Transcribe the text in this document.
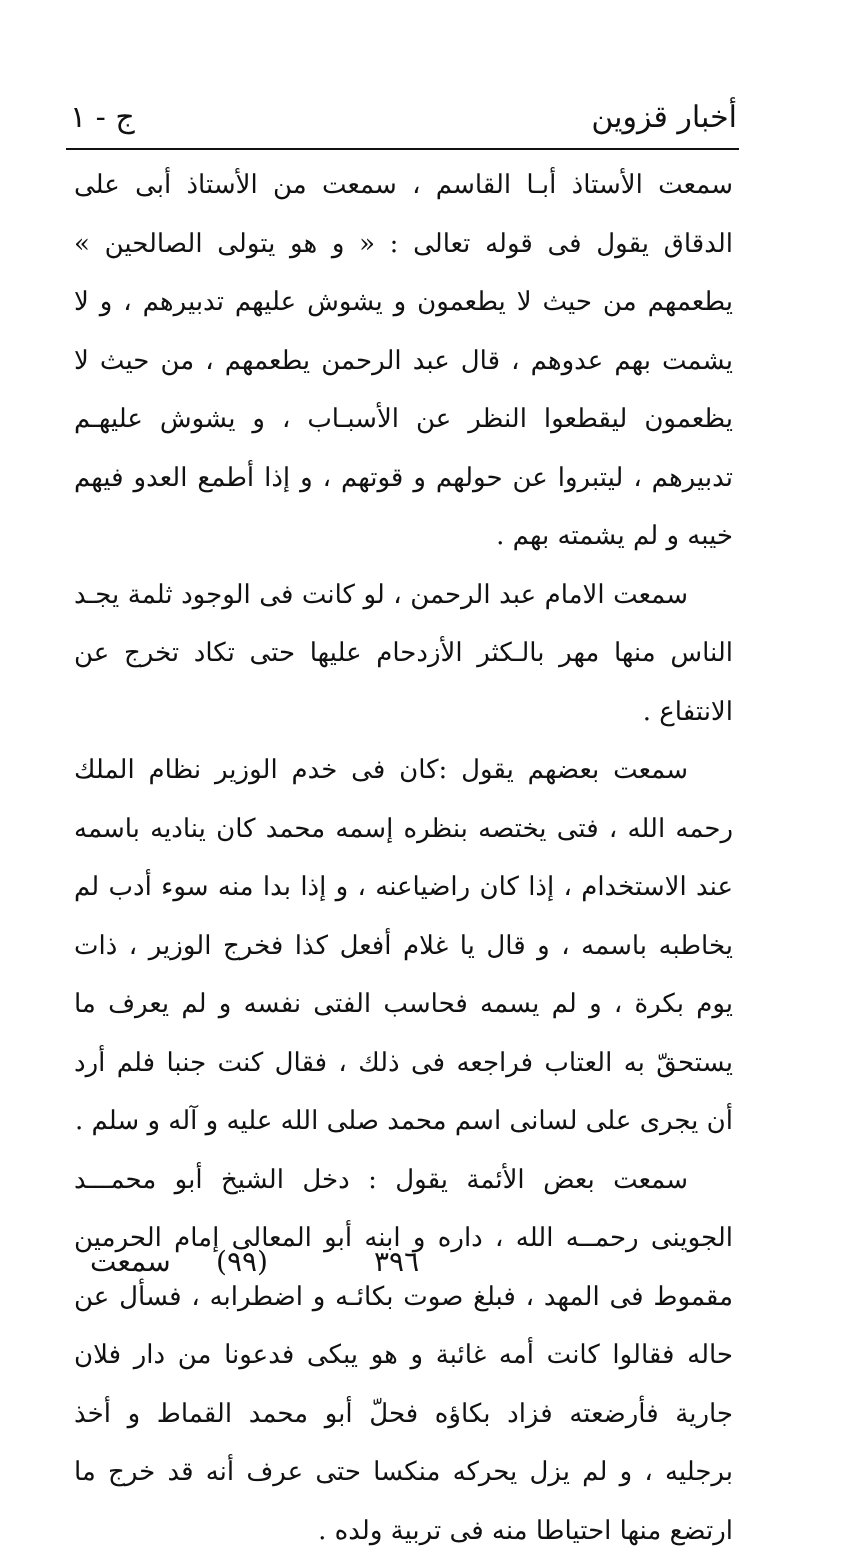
أخبار قزوين
ج - ١

سمعت الأستاذ أبـا القاسم ، سمعت من الأستاذ أبى على الدقاق يقول فى قوله تعالى : « و هو يتولى الصالحين » يطعمهم من حيث لا يطعمون و يشوش عليهم تدبيرهم ، و لا يشمت بهم عدوهم ، قال عبد الرحمن يطعمهم ، من حيث لا يظعمون ليقطعوا النظر عن الأسبـاب ، و يشوش عليهـم تدبيرهم ، ليتبروا عن حولهم و قوتهم ، و إذا أطمع العدو فيهم خيبه و لم يشمته بهم .

سمعت الامام عبد الرحمن ، لو كانت فى الوجود ثلمة يجـد الناس منها مهر بالـكثر الأزدحام عليها حتى تكاد تخرج عن الانتفاع .

سمعت بعضهم يقول :كان فى خدم الوزير نظام الملك رحمه الله ، فتى يختصه بنظره إسمه محمد كان يناديه باسمه عند الاستخدام ، إذا كان راضياعنه ، و إذا بدا منه سوء أدب لم يخاطبه باسمه ، و قال يا غلام أفعل كذا فخرج الوزير ، ذات يوم بكرة ، و لم يسمه فحاسب الفتى نفسه و لم يعرف ما يستحقّ به العتاب فراجعه فى ذلك ، فقال كنت جنبا فلم أرد أن يجرى على لسانى اسم محمد صلى الله عليه و آله و سلم .

سمعت بعض الأئمة يقول : دخل الشيخ أبو محمـــد الجوينى رحمــه الله ، داره و ابنه أبو المعالى إمام الحرمين مقموط فى المهد ، فبلغ صوت بكائـه و اضطرابه ، فسأل عن حاله فقالوا كانت أمه غائبة و هو يبكى فدعونا من دار فلان جارية فأرضعته فزاد بكاؤه فحلّ أبو محمد القماط و أخذ برجليه ، و لم يزل يحركه منكسا حتى عرف أنه قد خرج ما ارتضع منها احتياطا منه فى تربية ولده .

٣٩٦
(٩٩)
سمعت
